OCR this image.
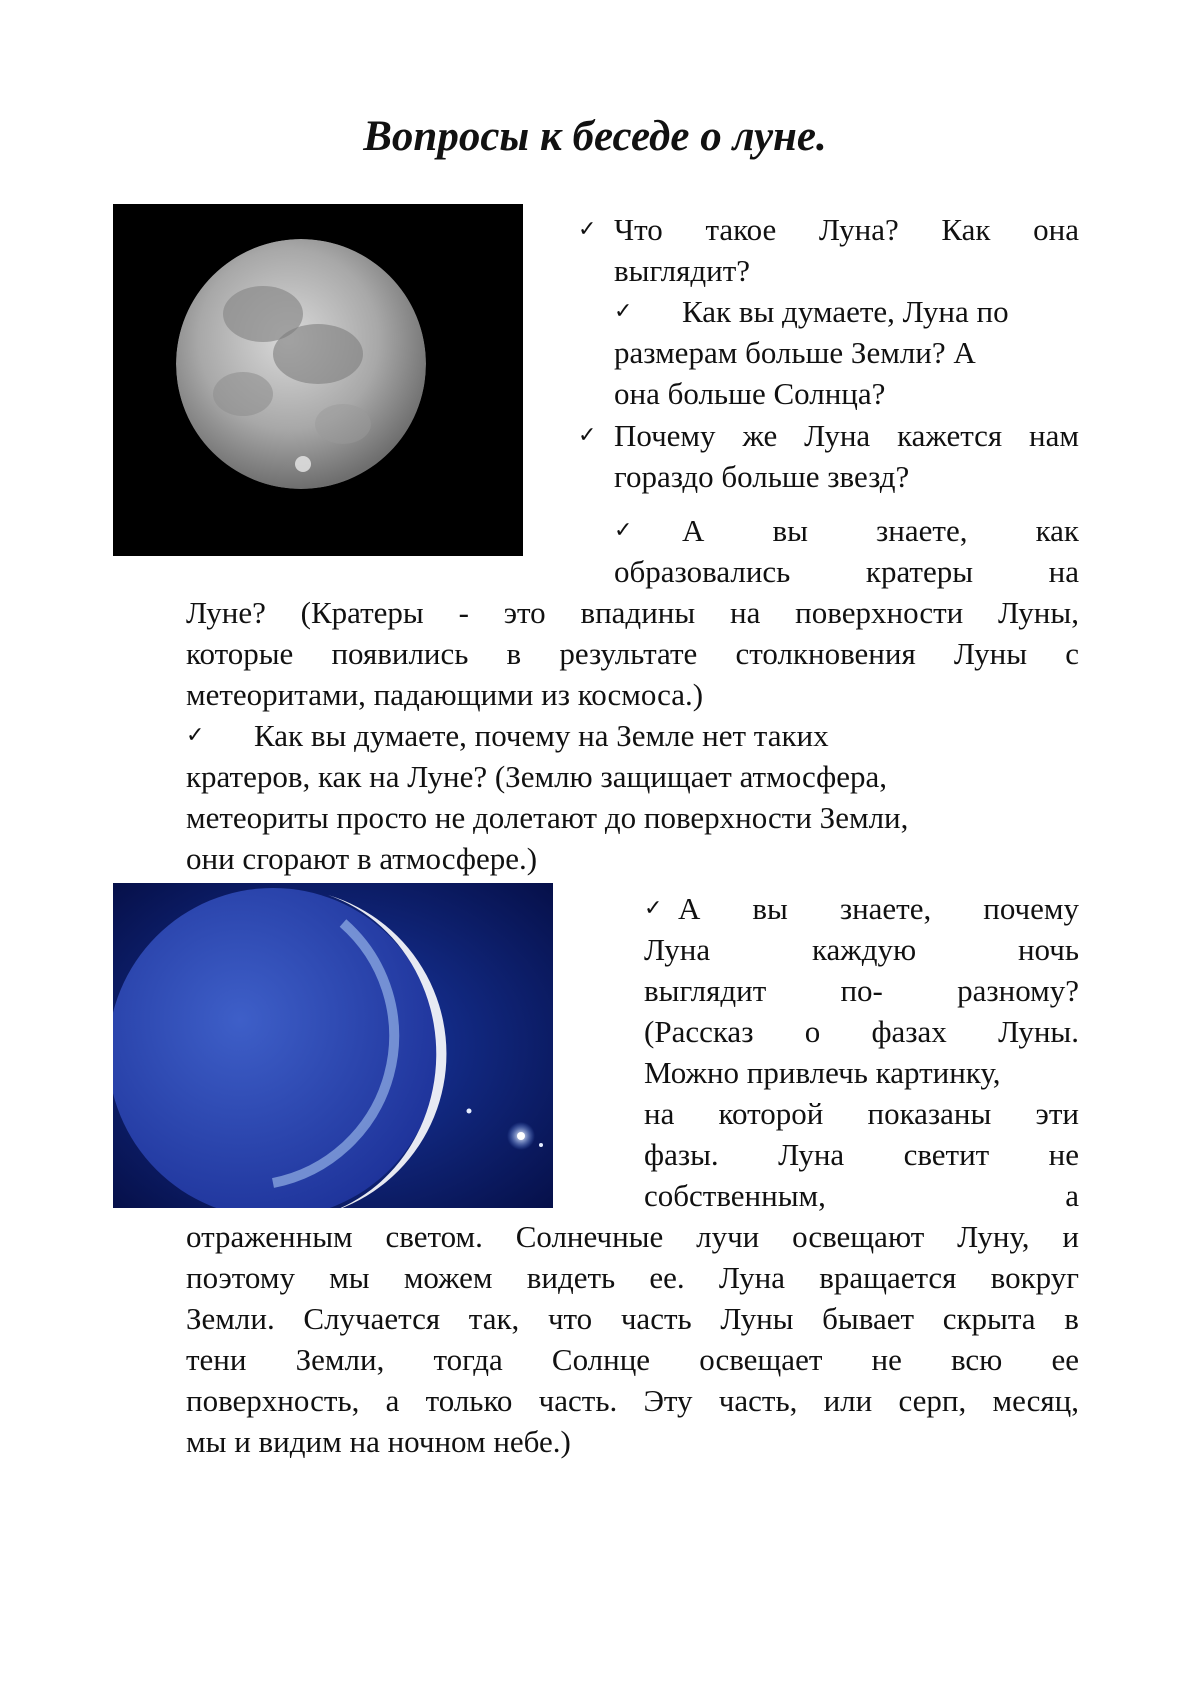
Вопросы к беседе о луне.
✓ Что такое Луна? Как она
выглядит?
✓ Как вы думаете, Луна по
размерам больше Земли? А
она больше Солнца?
✓ Почему же Луна кажется нам
гораздо больше звезд?
✓ А вы знаете, как
образовались кратеры на
Луне? (Кратеры - это впадины на поверхности Луны,
которые появились в результате столкновения Луны с
метеоритами, падающими из космоса.)
✓ Как вы думаете, почему на Земле нет таких
кратеров, как на Луне? (Землю защищает атмосфера,
метеориты просто не долетают до поверхности Земли,
они сгорают в атмосфере.)
✓ А вы знаете, почему
Луна	каждую	ночь
выглядит по- разному?
(Рассказ о фазах Луны.
Можно привлечь картинку,
на которой показаны эти
фазы. Луна светит не
собственным,	а
отраженным светом. Солнечные лучи освещают Луну, и
поэтому мы можем видеть ее. Луна вращается вокруг
Земли. Случается так, что часть Луны бывает скрыта в
тени Земли, тогда Солнце освещает не всю ее
поверхность, а только часть. Эту часть, или серп, месяц,
мы и видим на ночном небе.)
